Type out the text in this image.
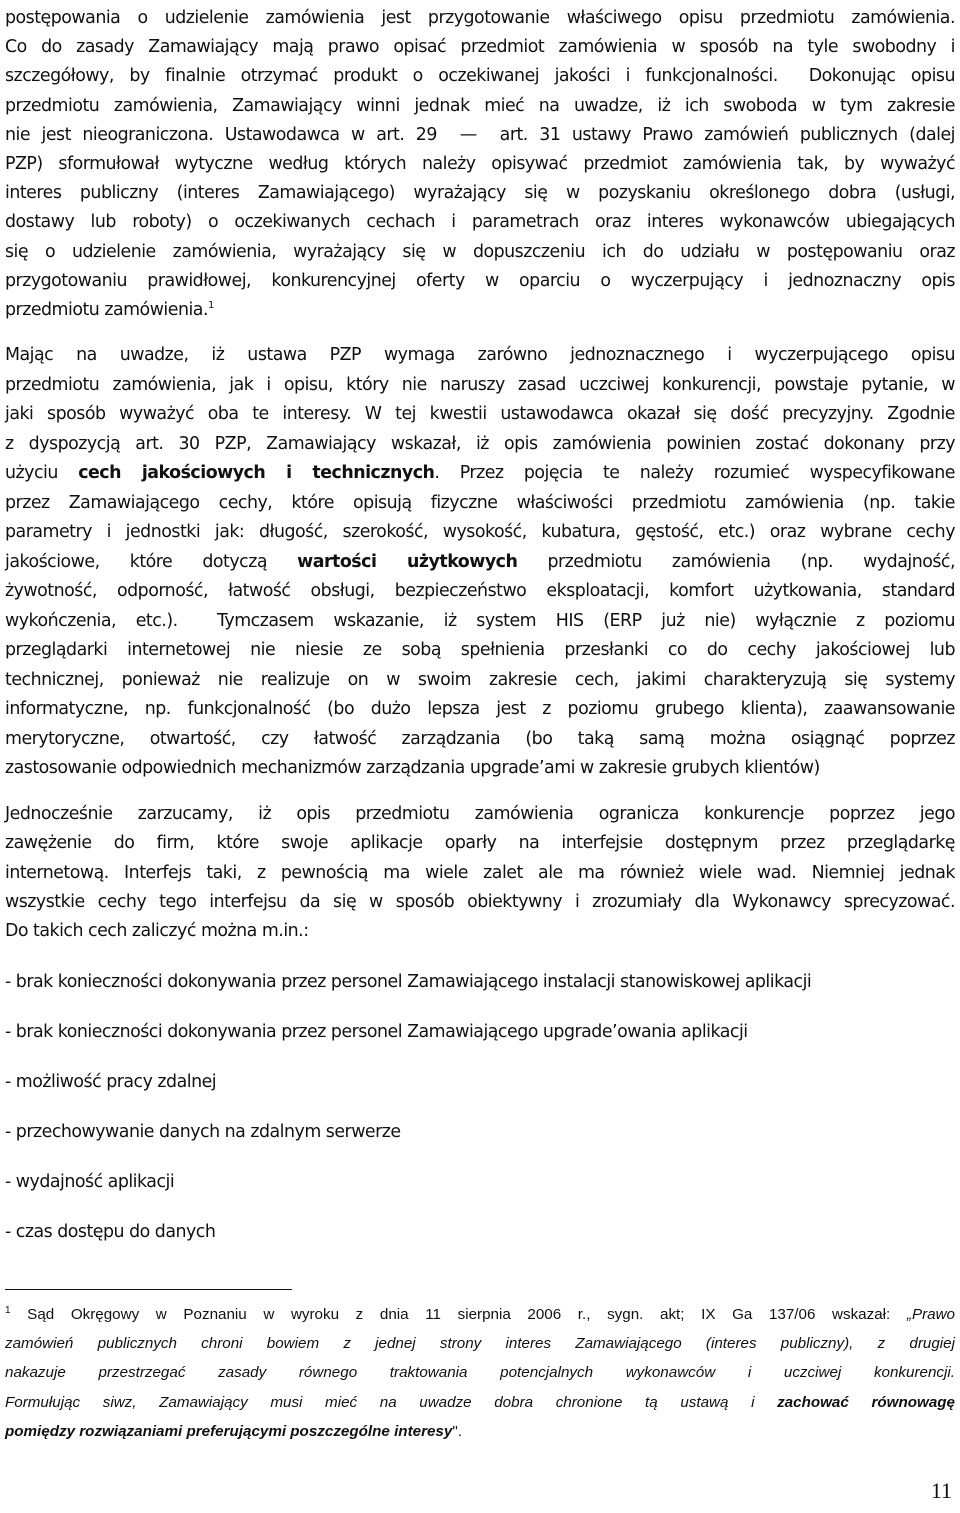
postępowania o udzielenie zamówienia jest przygotowanie właściwego opisu przedmiotu zamówienia.
Co do zasady Zamawiający mają prawo opisać przedmiot zamówienia w sposób na tyle swobodny i
szczegółowy, by finalnie otrzymać produkt o oczekiwanej jakości i funkcjonalności.  Dokonując opisu
przedmiotu zamówienia, Zamawiający winni jednak mieć na uwadze, iż ich swoboda w tym zakresie
nie jest nieograniczona. Ustawodawca w art. 29  —  art. 31 ustawy Prawo zamówień publicznych (dalej
PZP) sformułował wytyczne według których należy opisywać przedmiot zamówienia tak, by wyważyć
interes publiczny (interes Zamawiającego) wyrażający się w pozyskaniu określonego dobra (usługi,
dostawy lub roboty) o oczekiwanych cechach i parametrach oraz interes wykonawców ubiegających
się o udzielenie zamówienia, wyrażający się w dopuszczeniu ich do udziału w postępowaniu oraz
przygotowaniu prawidłowej, konkurencyjnej oferty w oparciu o wyczerpujący i jednoznaczny opis
przedmiotu zamówienia.$^1$
Mając na uwadze, iż ustawa PZP wymaga zarówno jednoznacznego i wyczerpującego opisu
przedmiotu zamówienia, jak i opisu, który nie naruszy zasad uczciwej konkurencji, powstaje pytanie, w
jaki sposób wyważyć oba te interesy. W tej kwestii ustawodawca okazał się dość precyzyjny. Zgodnie
z dyspozycją art. 30 PZP, Zamawiający wskazał, iż opis zamówienia powinien zostać dokonany przy
użyciu cech jakościowych i technicznych. Przez pojęcia te należy rozumieć wyspecyfikowane
przez Zamawiającego cechy, które opisują fizyczne właściwości przedmiotu zamówienia (np. takie
parametry i jednostki jak: długość, szerokość, wysokość, kubatura, gęstość, etc.) oraz wybrane cechy
jakościowe, które dotyczą wartości użytkowych przedmiotu zamówienia (np. wydajność,
żywotność, odporność, łatwość obsługi, bezpieczeństwo eksploatacji, komfort użytkowania, standard
wykończenia, etc.).  Tymczasem wskazanie, iż system HIS (ERP już nie) wyłącznie z poziomu
przeglądarki internetowej nie niesie ze sobą spełnienia przesłanki co do cechy jakościowej lub
technicznej, ponieważ nie realizuje on w swoim zakresie cech, jakimi charakteryzują się systemy
informatyczne, np. funkcjonalność (bo dużo lepsza jest z poziomu grubego klienta), zaawansowanie
merytoryczne, otwartość, czy łatwość zarządzania (bo taką samą można osiągnąć poprzez
zastosowanie odpowiednich mechanizmów zarządzania upgrade’ami w zakresie grubych klientów)
Jednocześnie zarzucamy, iż opis przedmiotu zamówienia ogranicza konkurencje poprzez jego
zawężenie do firm, które swoje aplikacje oparły na interfejsie dostępnym przez przeglądarkę
internetową. Interfejs taki, z pewnością ma wiele zalet ale ma również wiele wad. Niemniej jednak
wszystkie cechy tego interfejsu da się w sposób obiektywny i zrozumiały dla Wykonawcy sprecyzować.
Do takich cech zaliczyć można m.in.:
- brak konieczności dokonywania przez personel Zamawiającego instalacji stanowiskowej aplikacji
- brak konieczności dokonywania przez personel Zamawiającego upgrade’owania aplikacji
- możliwość pracy zdalnej
- przechowywanie danych na zdalnym serwerze
- wydajność aplikacji
- czas dostępu do danych
$^1$ Sąd Okręgowy w Poznaniu w wyroku z dnia 11 sierpnia 2006 r., sygn. akt; IX Ga 137/06 wskazał: „Prawo
zamówień publicznych chroni bowiem z jednej strony interes Zamawiającego (interes publiczny), z drugiej
nakazuje przestrzegać zasady równego traktowania potencjalnych wykonawców i uczciwej konkurencji.
Formułując siwz, Zamawiający musi mieć na uwadze dobra chronione tą ustawą i zachować równowagę
pomiędzy rozwiązaniami preferującymi poszczególne interesy".
11
